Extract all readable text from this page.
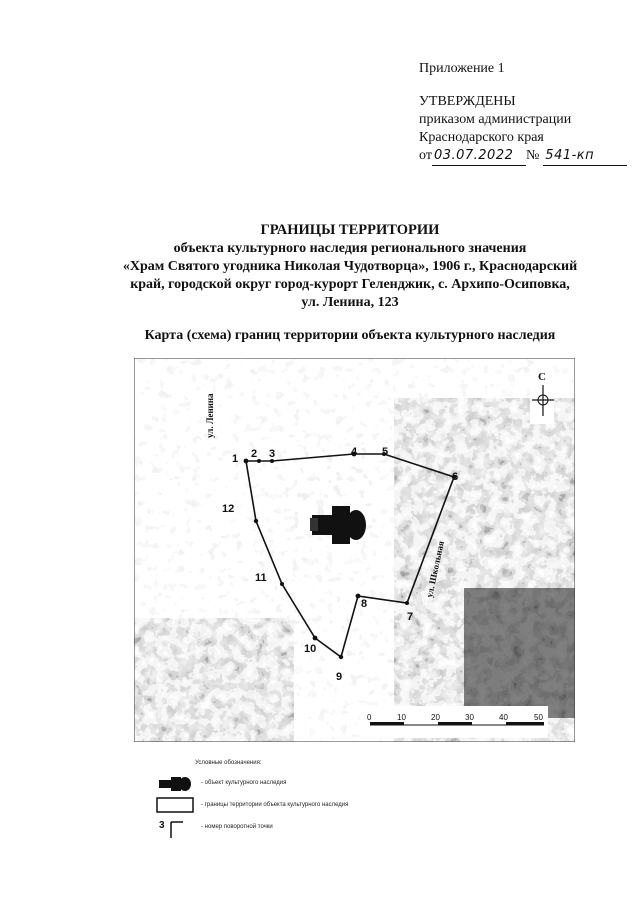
Приложение 1
УТВЕРЖДЕНЫ
приказом администрации
Краснодарского края
от 03.07.2022 № 541-кп
ГРАНИЦЫ ТЕРРИТОРИИ
объекта культурного наследия регионального значения
«Храм Святого угодника Николая Чудотворца», 1906 г., Краснодарский
край, городской округ город-курорт Геленджик, с. Архипо-Осиповка,
ул. Ленина, 123
Карта (схема) границ территории объекта культурного наследия
ул. Ленина
ул. Школьная
ул. Садовая
1 2 3	4 5
6
7
8
9
10
11
12
С
0	10	20	30	40	50
Условные обозначения:
- объект культурного наследия
- границы территории объекта культурного наследия
3	- номер поворотной точки
